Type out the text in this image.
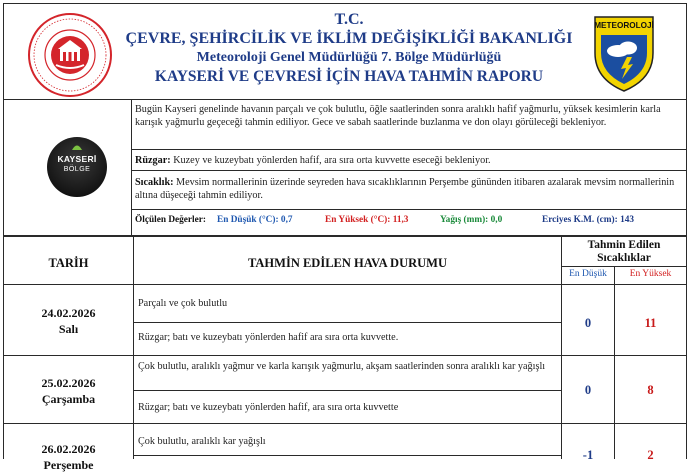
T.C.
ÇEVRE, ŞEHİRCİLİK VE İKLİM DEĞİŞİKLİĞİ BAKANLIĞI
Meteoroloji Genel Müdürlüğü 7. Bölge Müdürlüğü
KAYSERİ VE ÇEVRESİ İÇİN HAVA TAHMİN RAPORU
METEOROLOJİ
KAYSERİ
BÖLGE
Bugün Kayseri genelinde havanın parçalı ve çok bulutlu, öğle saatlerinden sonra aralıklı hafif yağmurlu, yüksek kesimlerin karla karışık yağmurlu geçeceği tahmin ediliyor. Gece ve sabah saatlerinde buzlanma ve don olayı görüleceği bekleniyor.
Rüzgar: Kuzey ve kuzeybatı yönlerden hafif, ara sıra orta kuvvette eseceği bekleniyor.
Sıcaklık: Mevsim normallerinin üzerinde seyreden hava sıcaklıklarının Perşembe gününden itibaren azalarak mevsim normallerinin altına düşeceği tahmin ediliyor.
Ölçülen Değerler: En Düşük (°C): 0,7	En Yüksek (°C): 11,3	Yağış (mm): 0,0	Erciyes K.M. (cm): 143
TARİH	TAHMİN EDİLEN HAVA DURUMU
Tahmin Edilen
Sıcaklıklar
En Düşük	En Yüksek
24.02.2026
Salı
Parçalı ve çok bulutlu
Rüzgar; batı ve kuzeybatı yönlerden hafif ara sıra orta kuvvette.
0	11
25.02.2026
Çarşamba
Çok bulutlu, aralıklı yağmur ve karla karışık yağmurlu, akşam saatlerinden sonra aralıklı kar yağışlı
Rüzgar; batı ve kuzeybatı yönlerden hafif, ara sıra orta kuvvette
0	8
26.02.2026
Perşembe
Çok bulutlu, aralıklı kar yağışlı
-1	2
